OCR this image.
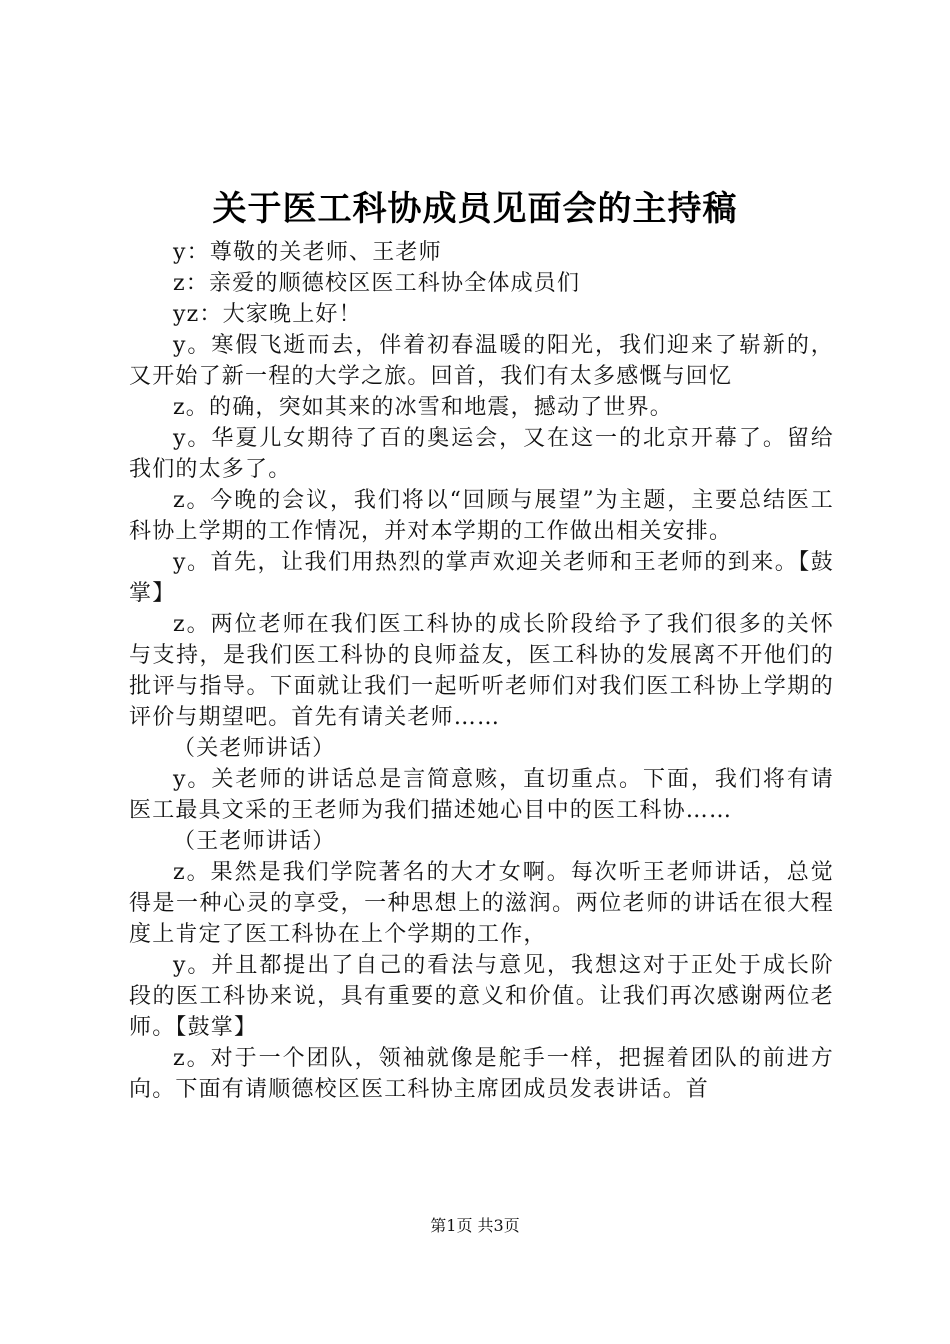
关于医工科协成员见面会的主持稿

y：尊敬的关老师、王老师

z：亲爱的顺德校区医工科协全体成员们

yz：大家晚上好！

y。寒假飞逝而去，伴着初春温暖的阳光，我们迎来了崭新的，又开始了新一程的大学之旅。回首，我们有太多感慨与回忆

z。的确，突如其来的冰雪和地震，撼动了世界。

y。华夏儿女期待了百的奥运会，又在这一的北京开幕了。留给我们的太多了。

z。今晚的会议，我们将以“回顾与展望”为主题，主要总结医工科协上学期的工作情况，并对本学期的工作做出相关安排。

y。首先，让我们用热烈的掌声欢迎关老师和王老师的到来。【鼓掌】

z。两位老师在我们医工科协的成长阶段给予了我们很多的关怀与支持，是我们医工科协的良师益友，医工科协的发展离不开他们的批评与指导。下面就让我们一起听听老师们对我们医工科协上学期的评价与期望吧。首先有请关老师……

（关老师讲话）

y。关老师的讲话总是言简意赅，直切重点。下面，我们将有请医工最具文采的王老师为我们描述她心目中的医工科协……

（王老师讲话）

z。果然是我们学院著名的大才女啊。每次听王老师讲话，总觉得是一种心灵的享受，一种思想上的滋润。两位老师的讲话在很大程度上肯定了医工科协在上个学期的工作，

y。并且都提出了自己的看法与意见，我想这对于正处于成长阶段的医工科协来说，具有重要的意义和价值。让我们再次感谢两位老师。【鼓掌】

z。对于一个团队，领袖就像是舵手一样，把握着团队的前进方向。下面有请顺德校区医工科协主席团成员发表讲话。首

第1页 共3页
